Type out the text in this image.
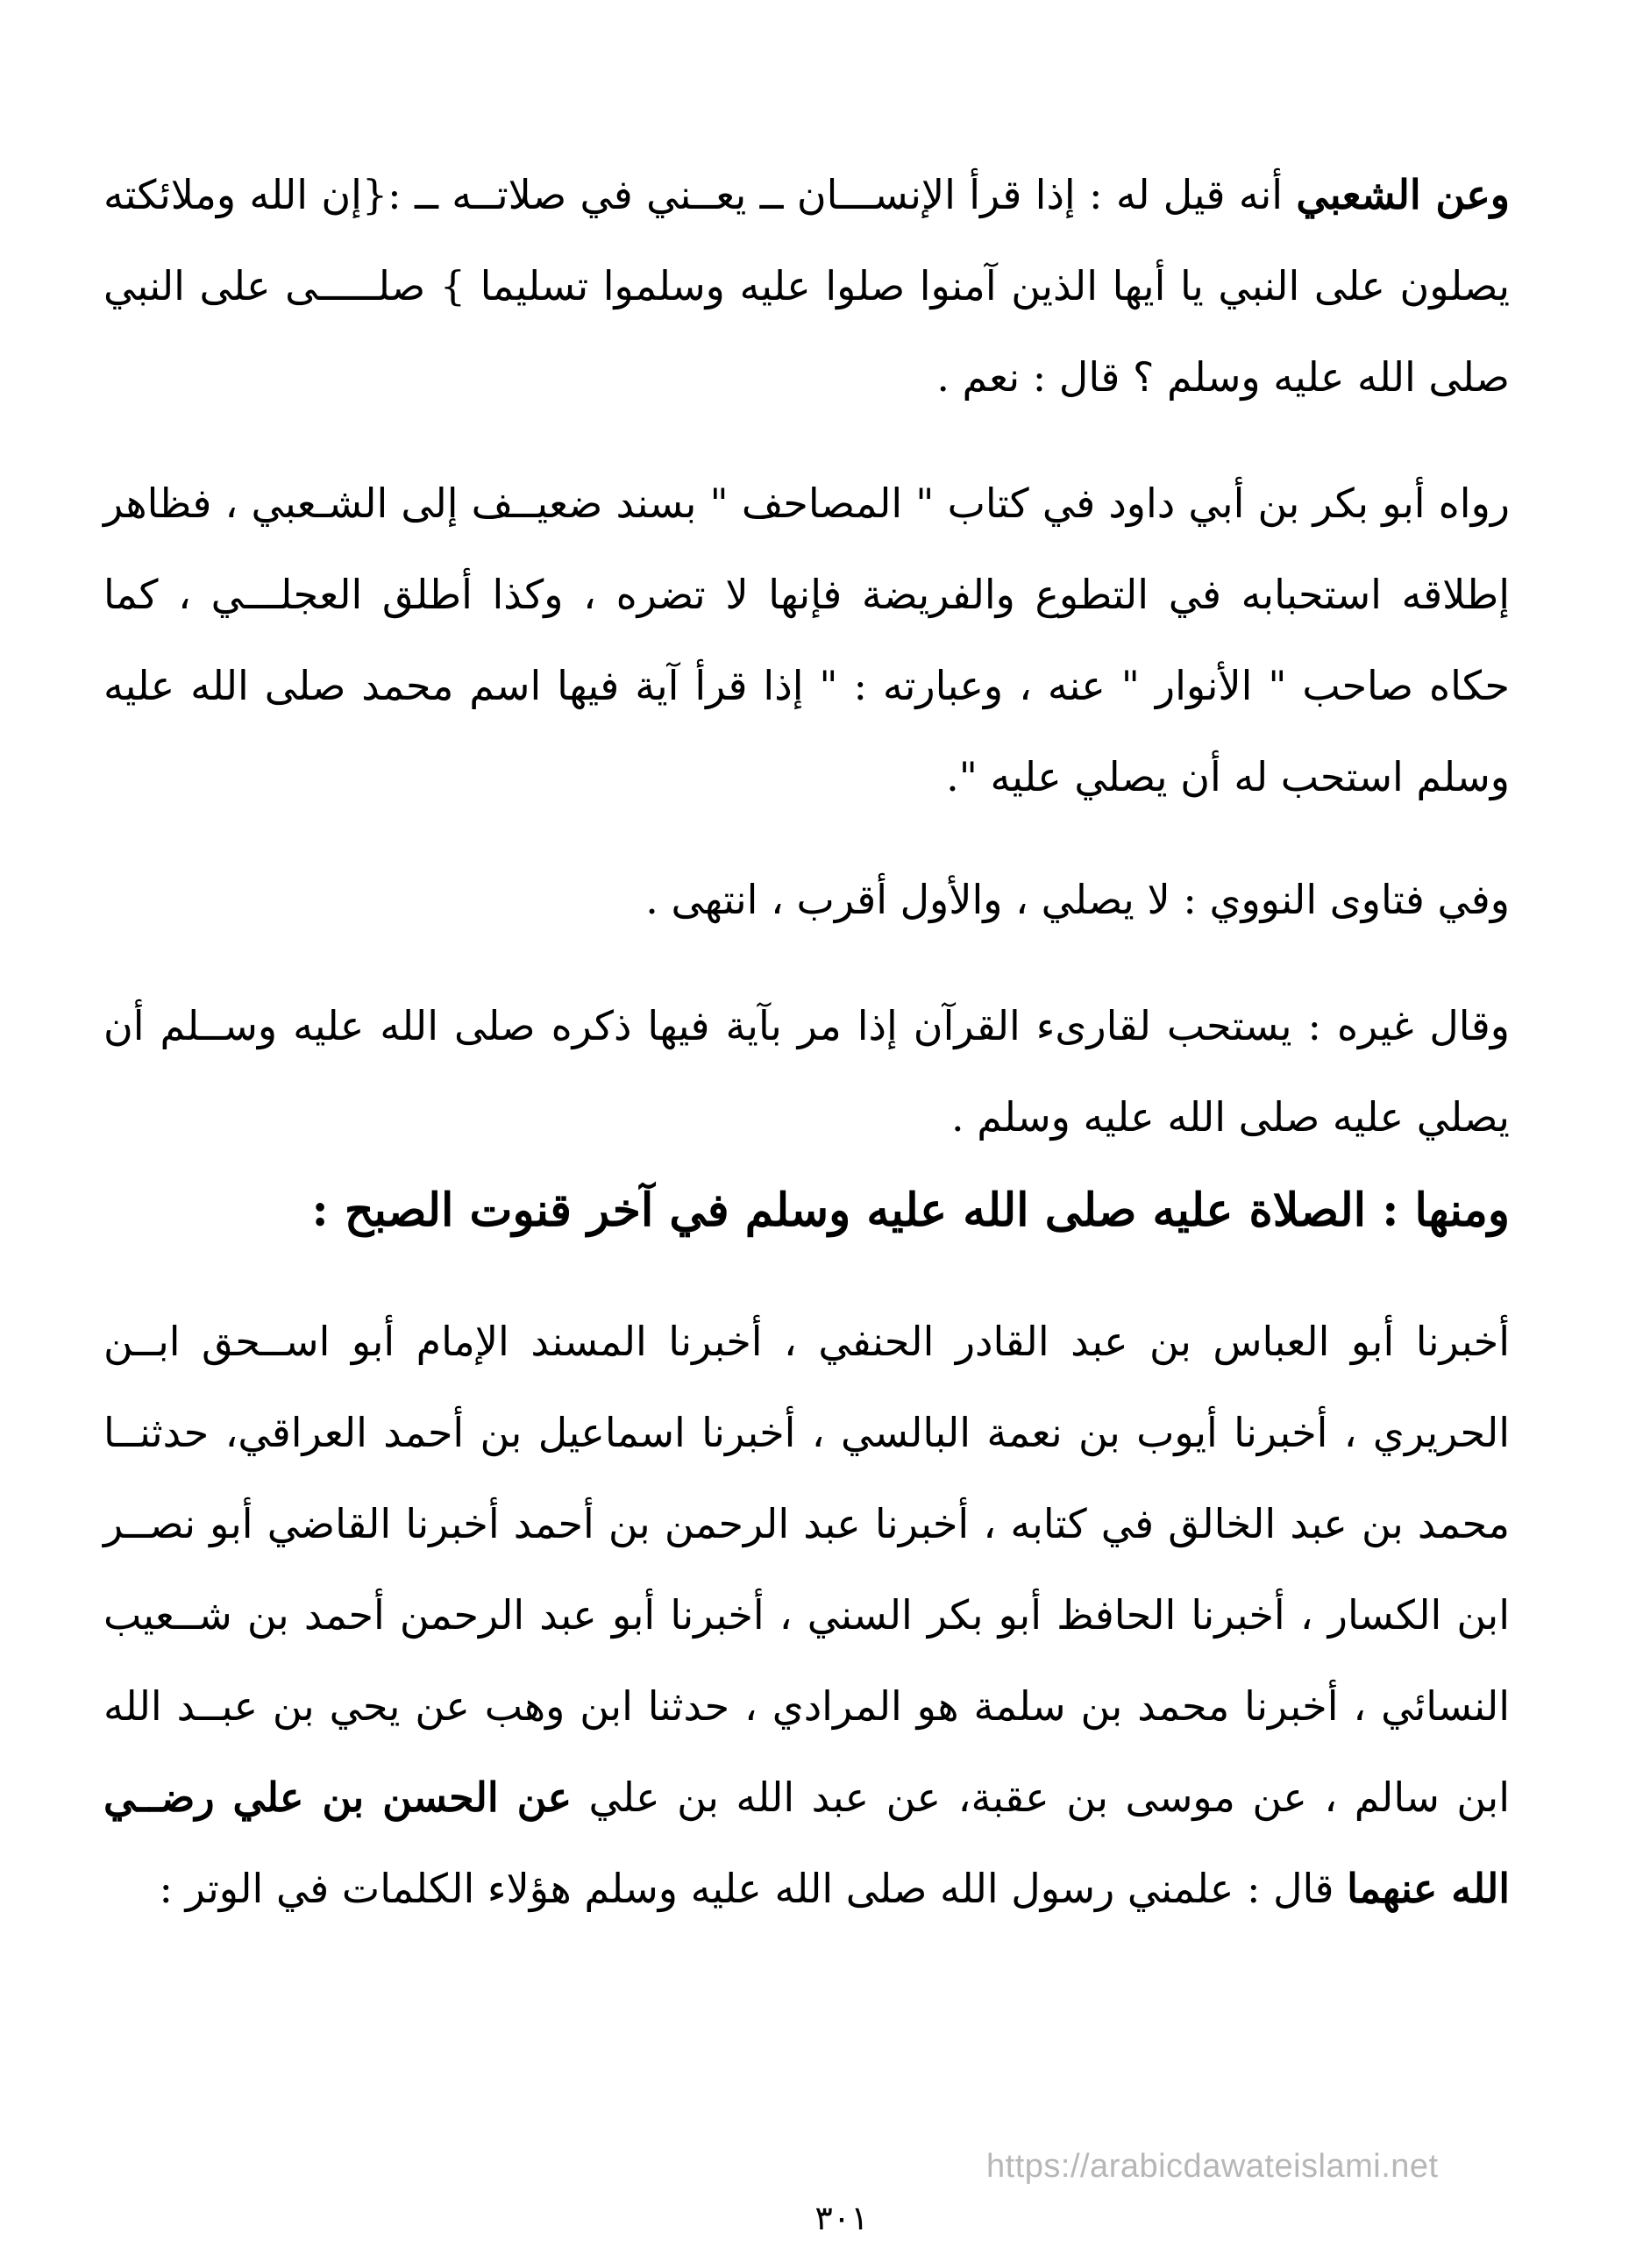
وعن الشعبي أنه قيل له : إذا قرأ الإنســـان ــ يعــني في صلاتــه ــ :{إن الله وملائكته يصلون على النبي يا أيها الذين آمنوا صلوا عليه وسلموا تسليما } صلـــــى على النبي صلى الله عليه وسلم ؟ قال : نعم .

رواه أبو بكر بن أبي داود في كتاب " المصاحف " بسند ضعيــف إلى الشـعبي ، فظاهر إطلاقه استحبابه في التطوع والفريضة فإنها لا تضره ، وكذا أطلق العجلـــي ، كما حكاه صاحب " الأنوار " عنه ، وعبارته : " إذا قرأ آية فيها اسم محمد صلى الله عليه وسلم استحب له أن يصلي عليه ".

وفي فتاوى النووي : لا يصلي ، والأول أقرب ، انتهى .

وقال غيره : يستحب لقارىء القرآن إذا مر بآية فيها ذكره صلى الله عليه وســلم أن يصلي عليه صلى الله عليه وسلم .

ومنها : الصلاة عليه صلى الله عليه وسلم في آخر قنوت الصبح :

أخبرنا أبو العباس بن عبد القادر الحنفي ، أخبرنا المسند الإمام أبو اســحق ابــن الحريري ، أخبرنا أيوب بن نعمة البالسي ، أخبرنا اسماعيل بن أحمد العراقي، حدثنــا محمد بن عبد الخالق في كتابه ، أخبرنا عبد الرحمن بن أحمد أخبرنا القاضي أبو نصــر ابن الكسار ، أخبرنا الحافظ أبو بكر السني ، أخبرنا أبو عبد الرحمن أحمد بن شــعيب النسائي ، أخبرنا محمد بن سلمة هو المرادي ، حدثنا ابن وهب عن يحي بن عبــد الله ابن سالم ، عن موسى بن عقبة، عن عبد الله بن علي عن الحسن بن علي رضــي الله عنهما قال : علمني رسول الله صلى الله عليه وسلم هؤلاء الكلمات في الوتر :

https://arabicdawateislami.net
٣٠١
